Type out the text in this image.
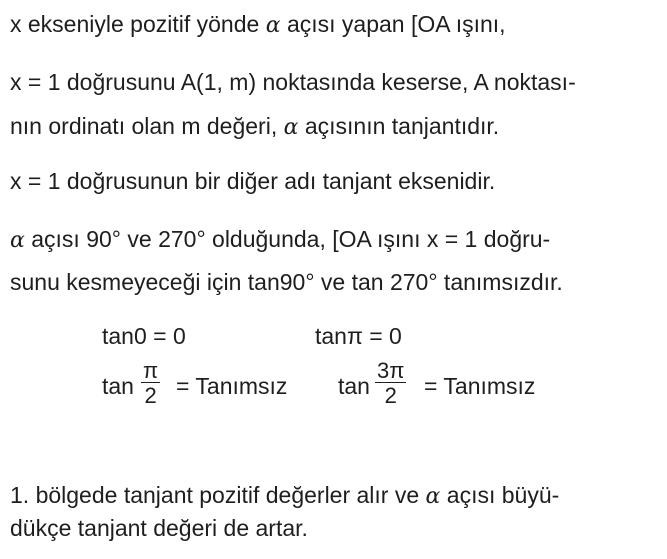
x ekseniyle pozitif yönde α açısı yapan [OA ışını,
x = 1 doğrusunu A(1, m) noktasında keserse, A noktası-
nın ordinatı olan m değeri, α açısının tanjantıdır.
x = 1 doğrusunun bir diğer adı tanjant eksenidir.
α açısı 90° ve 270° olduğunda, [OA ışını x = 1 doğru-
sunu kesmeyeceği için tan90° ve tan 270° tanımsızdır.
tan0 = 0	tanπ = 0
tan
π
2 = Tanımsız tan
3π
2 = Tanımsız
1. bölgede tanjant pozitif değerler alır ve α açısı büyü-
dükçe tanjant değeri de artar.
